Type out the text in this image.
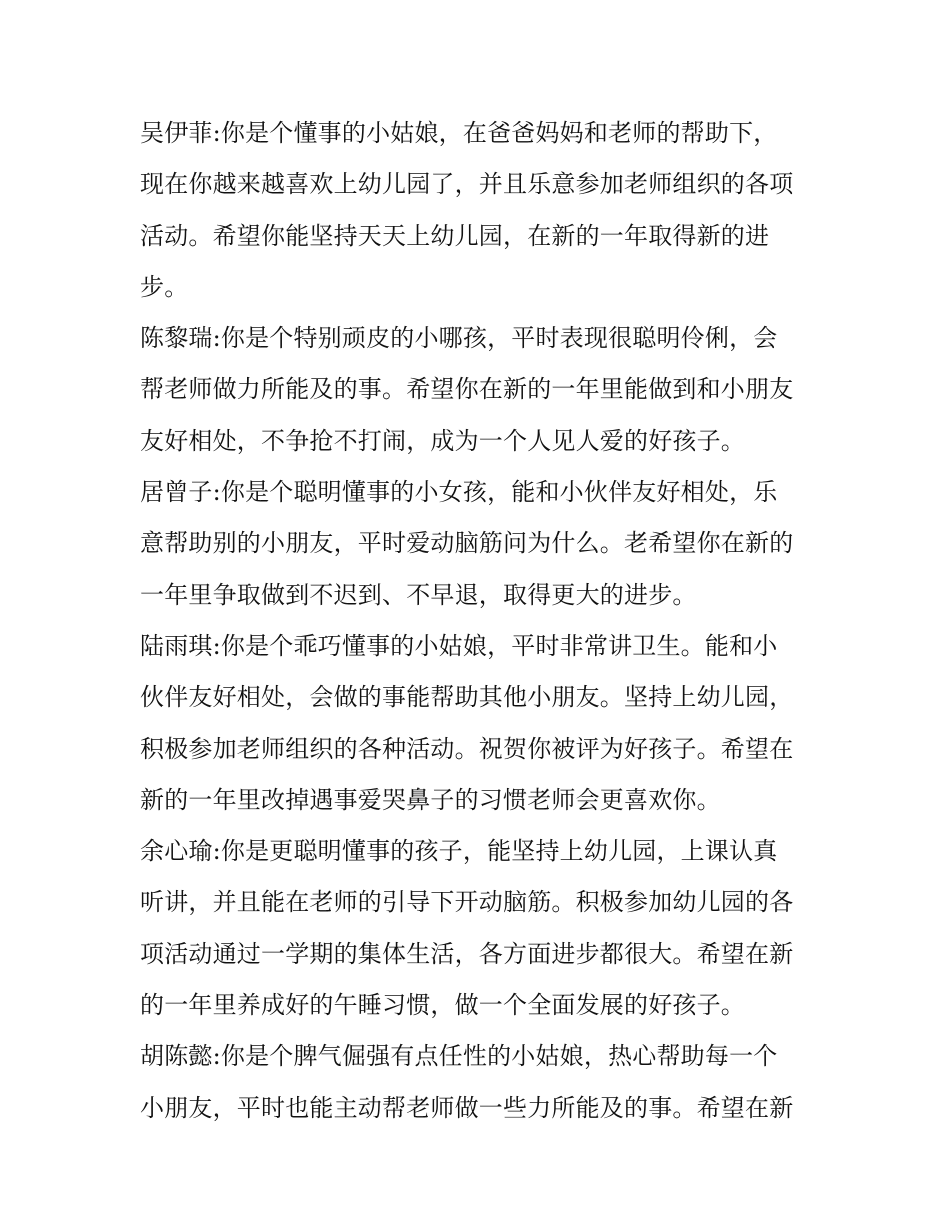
吴伊菲:你是个懂事的小姑娘，在爸爸妈妈和老师的帮助下，
现在你越来越喜欢上幼儿园了，并且乐意参加老师组织的各项
活动。希望你能坚持天天上幼儿园，在新的一年取得新的进
步。
陈黎瑞:你是个特别顽皮的小哪孩，平时表现很聪明伶俐，会
帮老师做力所能及的事。希望你在新的一年里能做到和小朋友
友好相处，不争抢不打闹，成为一个人见人爱的好孩子。
居曾子:你是个聪明懂事的小女孩，能和小伙伴友好相处，乐
意帮助别的小朋友，平时爱动脑筋问为什么。老希望你在新的
一年里争取做到不迟到、不早退，取得更大的进步。
陆雨琪:你是个乖巧懂事的小姑娘，平时非常讲卫生。能和小
伙伴友好相处，会做的事能帮助其他小朋友。坚持上幼儿园，
积极参加老师组织的各种活动。祝贺你被评为好孩子。希望在
新的一年里改掉遇事爱哭鼻子的习惯老师会更喜欢你。
余心瑜:你是更聪明懂事的孩子，能坚持上幼儿园，上课认真
听讲，并且能在老师的引导下开动脑筋。积极参加幼儿园的各
项活动通过一学期的集体生活，各方面进步都很大。希望在新
的一年里养成好的午睡习惯，做一个全面发展的好孩子。
胡陈懿:你是个脾气倔强有点任性的小姑娘，热心帮助每一个
小朋友，平时也能主动帮老师做一些力所能及的事。希望在新
